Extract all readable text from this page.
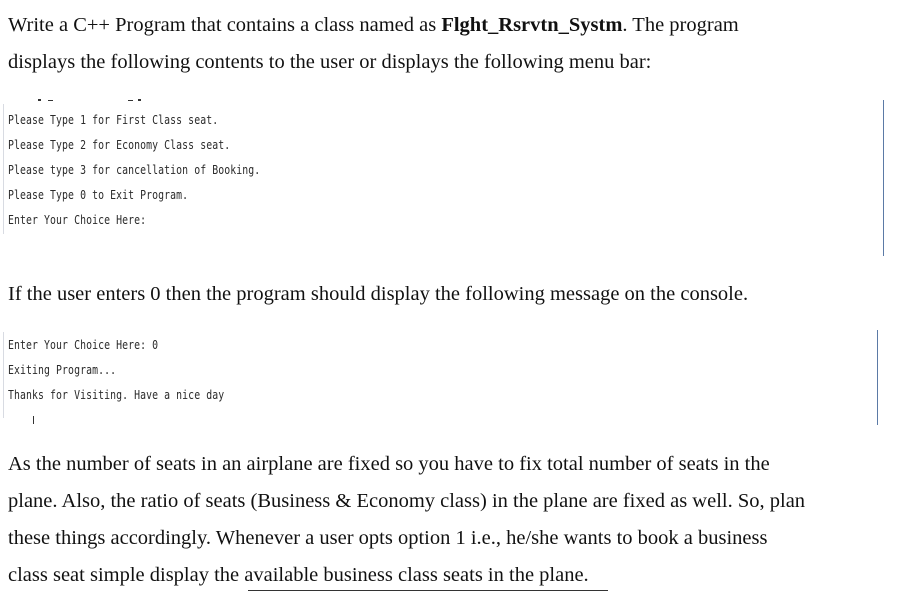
Write a C++ Program that contains a class named as Flght_Rsrvtn_Systm. The program

displays the following contents to the user or displays the following menu bar:

Please Type 1 for First Class seat.
Please Type 2 for Economy Class seat.
Please type 3 for cancellation of Booking.
Please Type 0 to Exit Program.
Enter Your Choice Here:

If the user enters 0 then the program should display the following message on the console.

Enter Your Choice Here: 0
Exiting Program...
Thanks for Visiting. Have a nice day

As the number of seats in an airplane are fixed so you have to fix total number of seats in the

plane. Also, the ratio of seats (Business & Economy class) in the plane are fixed as well. So, plan

these things accordingly. Whenever a user opts option 1 i.e., he/she wants to book a business

class seat simple display the available business class seats in the plane.
